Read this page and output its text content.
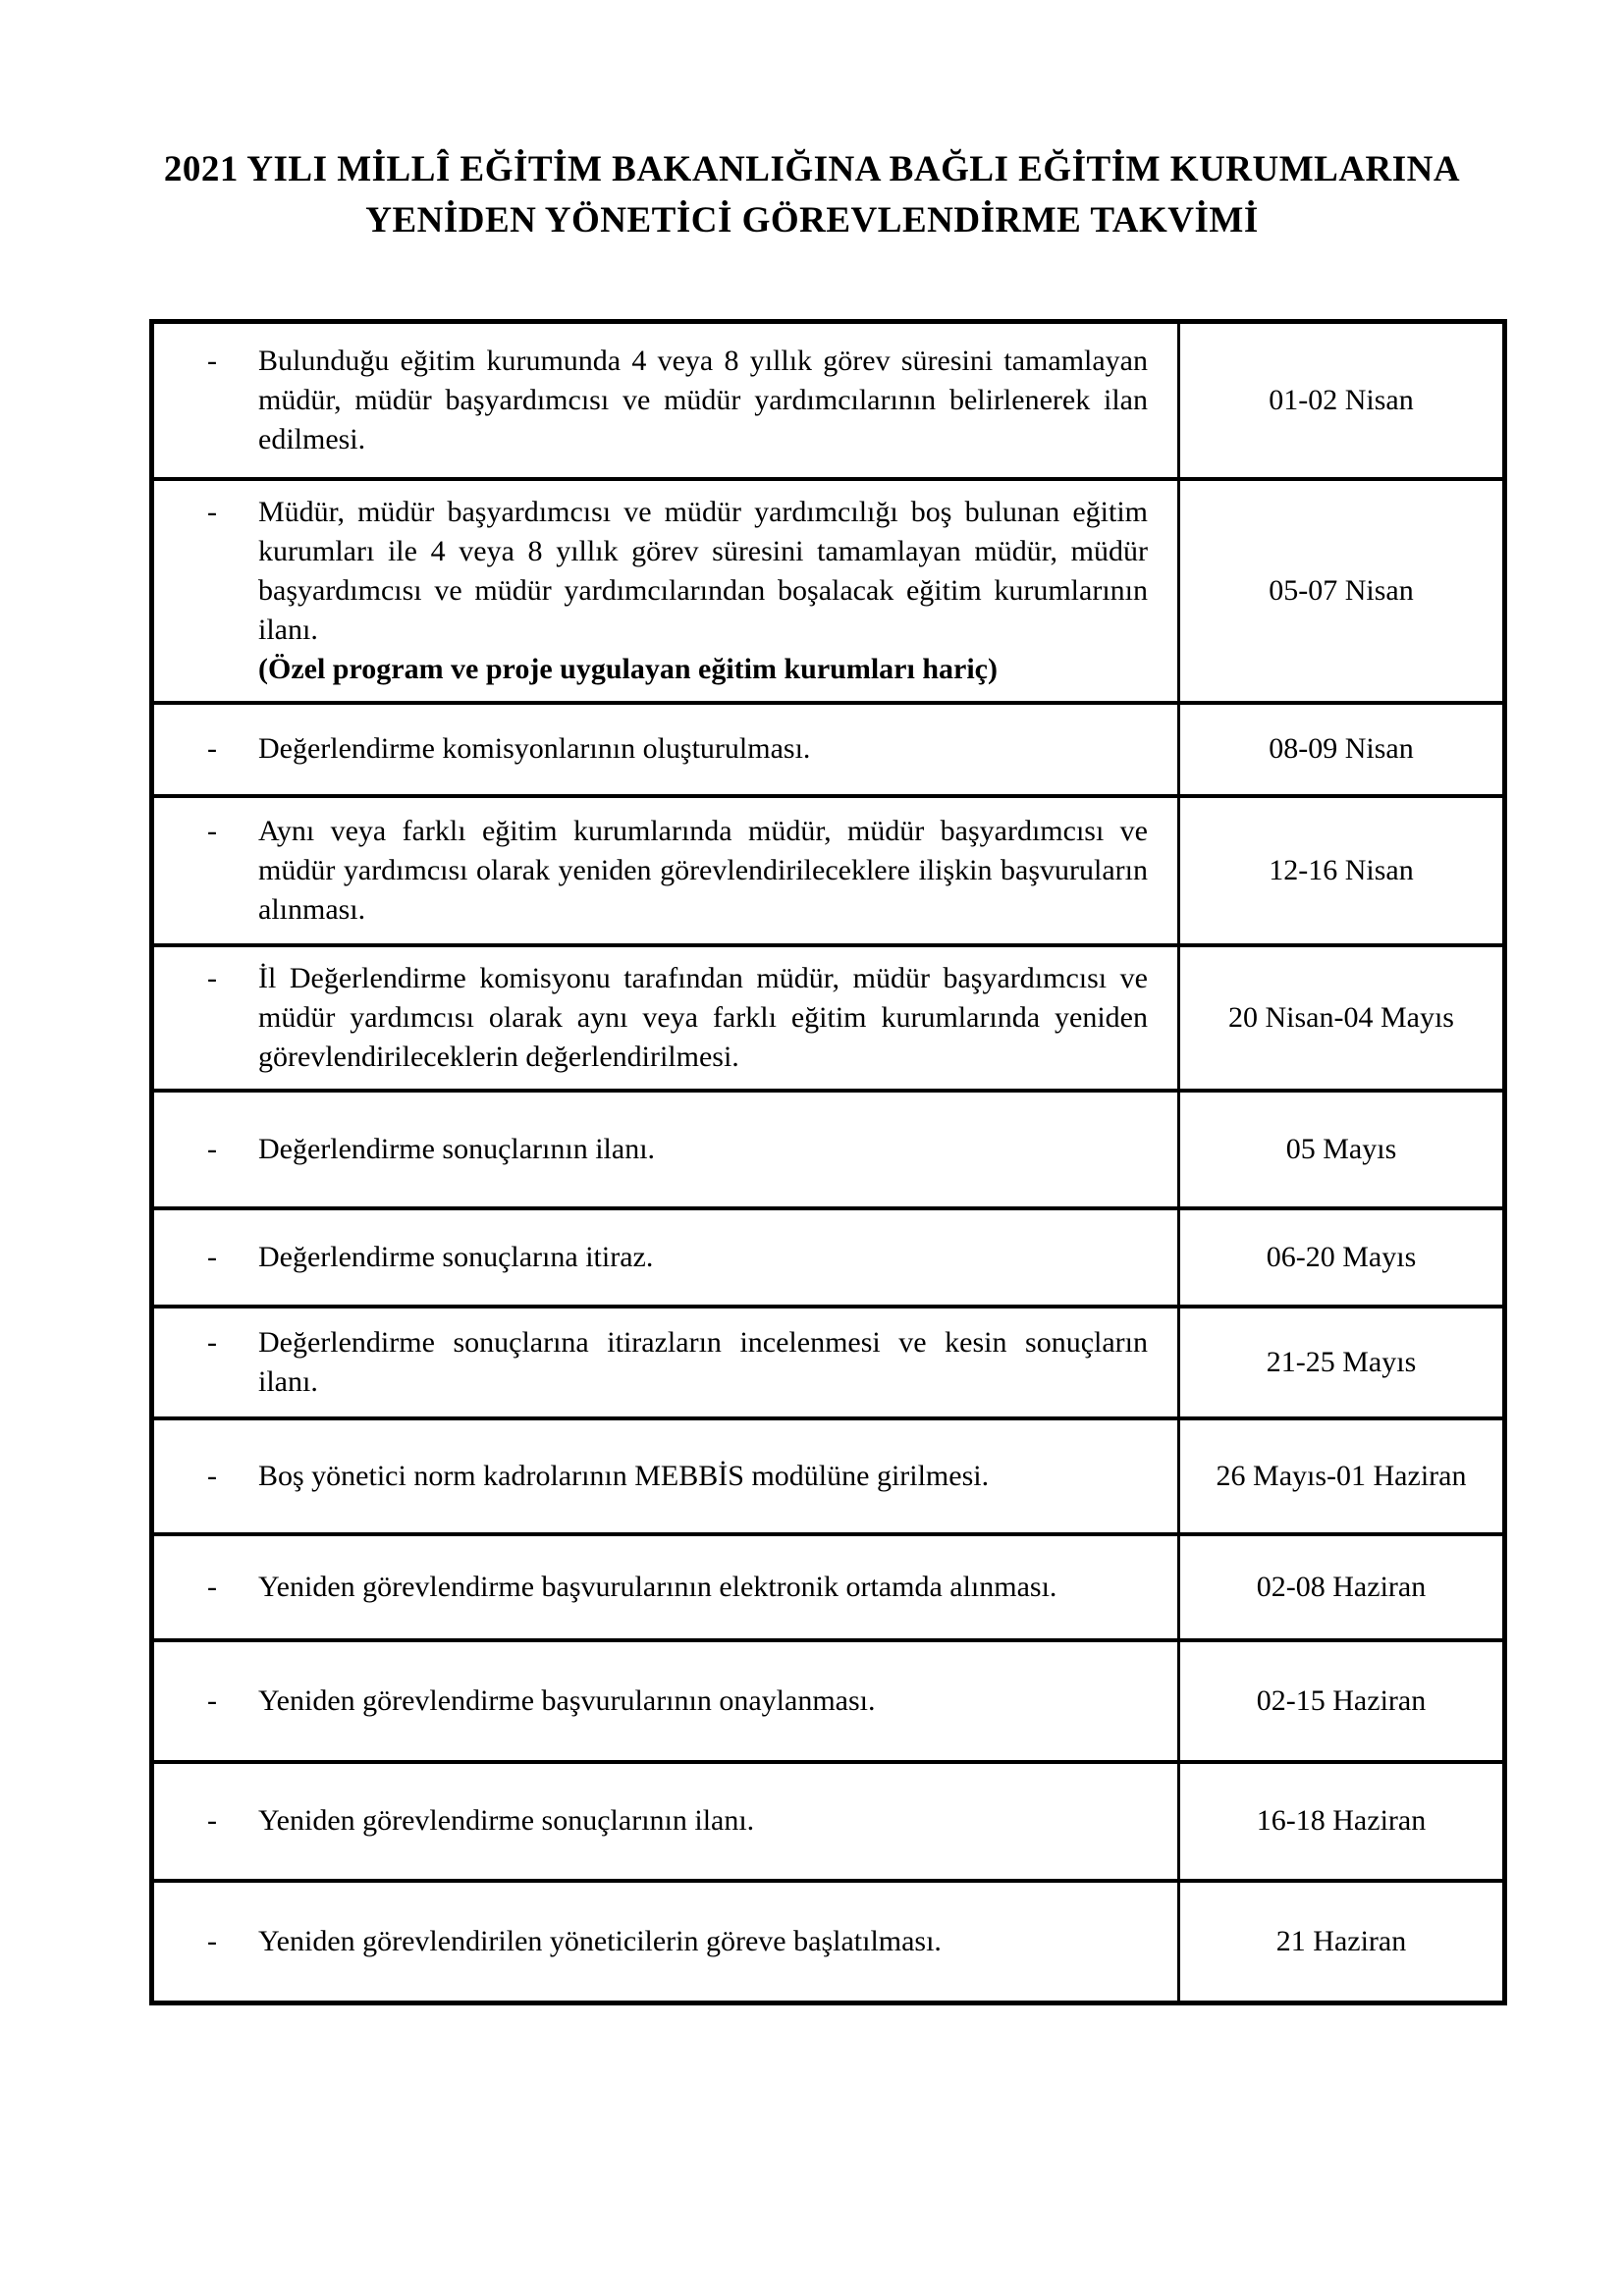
2021 YILI MİLLÎ EĞİTİM BAKANLIĞINA BAĞLI EĞİTİM KURUMLARINA
YENİDEN YÖNETİCİ GÖREVLENDİRME TAKVİMİ
- Bulunduğu eğitim kurumunda 4 veya 8 yıllık görev süresini tamamlayan müdür, müdür başyardımcısı ve müdür yardımcılarının belirlenerek ilan edilmesi.	01-02 Nisan

- Müdür, müdür başyardımcısı ve müdür yardımcılığı boş bulunan eğitim kurumları ile 4 veya 8 yıllık görev süresini tamamlayan müdür, müdür başyardımcısı ve müdür yardımcılarından boşalacak eğitim kurumlarının ilanı.
(Özel program ve proje uygulayan eğitim kurumları hariç)	05-07 Nisan

- Değerlendirme komisyonlarının oluşturulması.	08-09 Nisan

- Aynı veya farklı eğitim kurumlarında müdür, müdür başyardımcısı ve müdür yardımcısı olarak yeniden görevlendirileceklere ilişkin başvuruların alınması.	12-16 Nisan

- İl Değerlendirme komisyonu tarafından müdür, müdür başyardımcısı ve müdür yardımcısı olarak aynı veya farklı eğitim kurumlarında yeniden görevlendirileceklerin değerlendirilmesi.	20 Nisan-04 Mayıs

- Değerlendirme sonuçlarının ilanı.	05 Mayıs

- Değerlendirme sonuçlarına itiraz.	06-20 Mayıs

- Değerlendirme sonuçlarına itirazların incelenmesi ve kesin sonuçların ilanı.	21-25 Mayıs

- Boş yönetici norm kadrolarının MEBBİS modülüne girilmesi.	26 Mayıs-01 Haziran

- Yeniden görevlendirme başvurularının elektronik ortamda alınması.	02-08 Haziran

- Yeniden görevlendirme başvurularının onaylanması.	02-15 Haziran

- Yeniden görevlendirme sonuçlarının ilanı.	16-18 Haziran

- Yeniden görevlendirilen yöneticilerin göreve başlatılması.	21 Haziran
